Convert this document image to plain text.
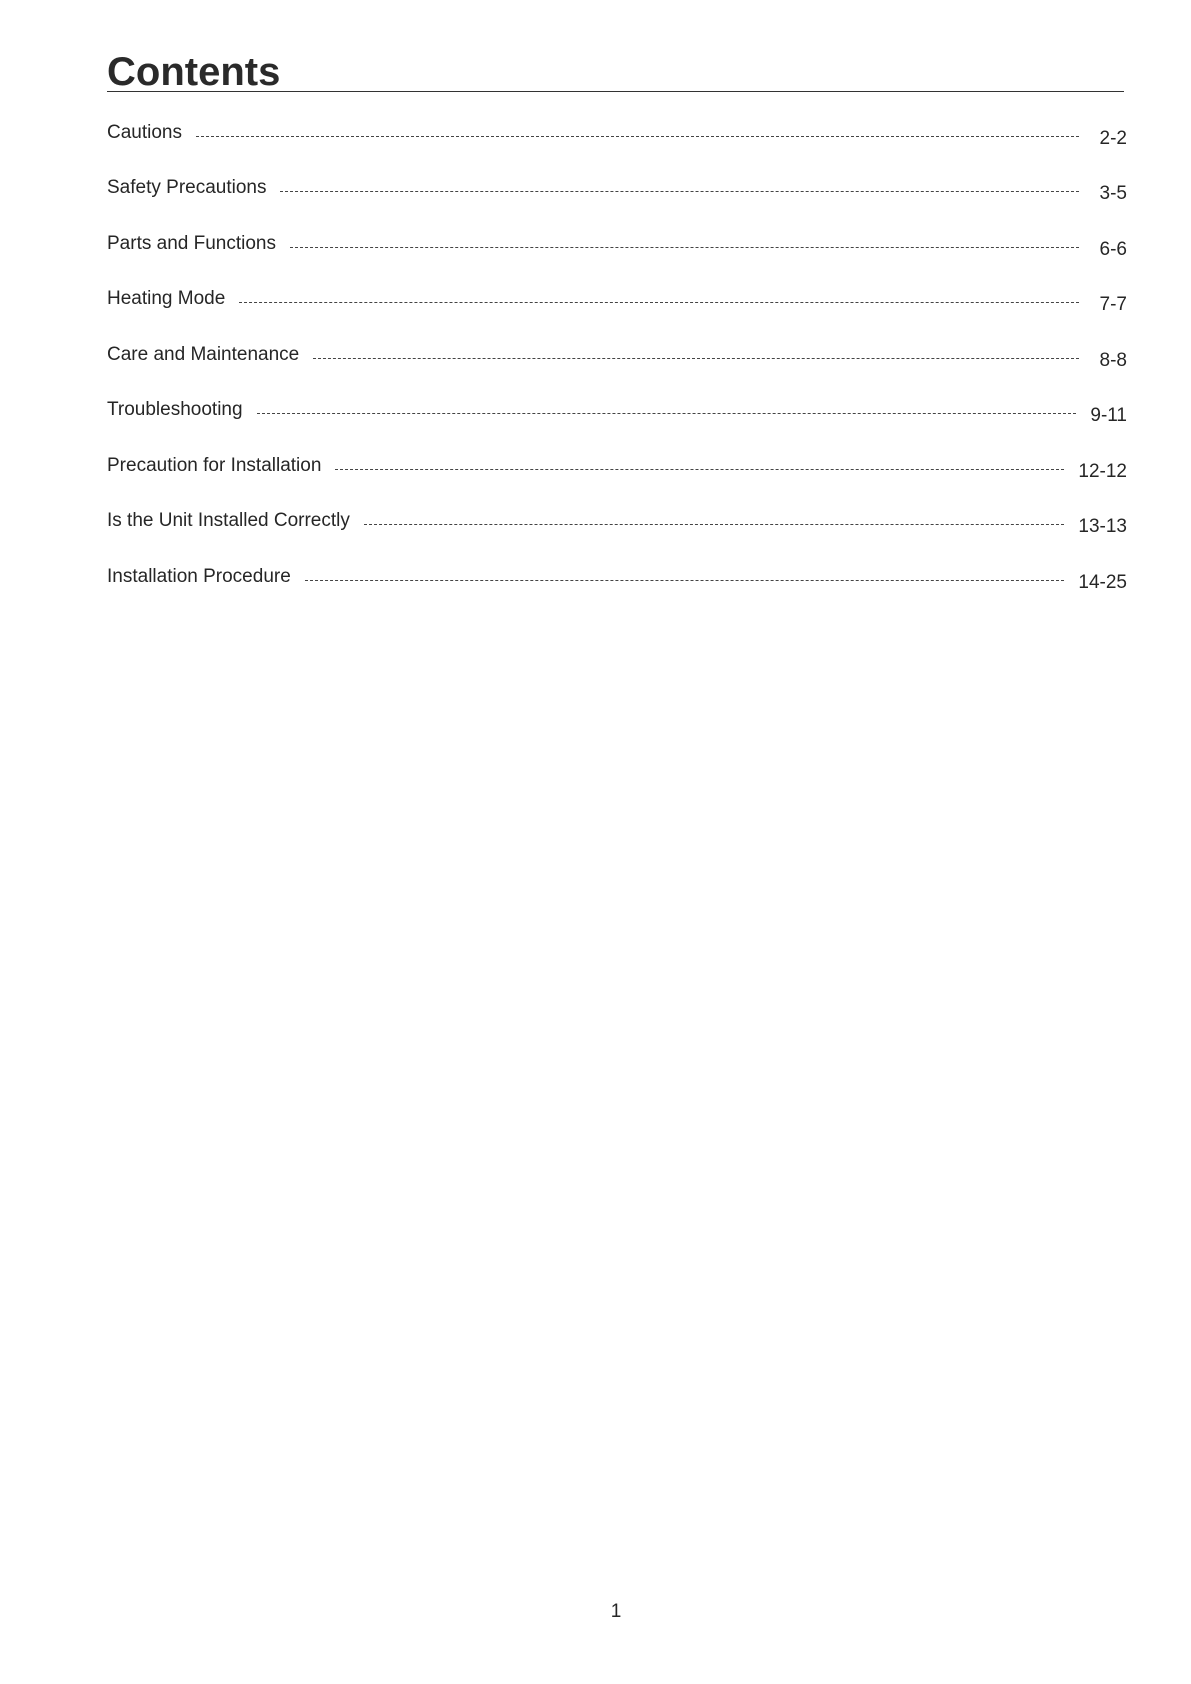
Contents
Cautions	2-2
Safety Precautions	3-5
Parts and Functions	6-6
Heating Mode	7-7
Care and Maintenance	8-8
Troubleshooting	9-11
Precaution for Installation	12-12
Is the Unit Installed Correctly	13-13
Installation Procedure	14-25
1
